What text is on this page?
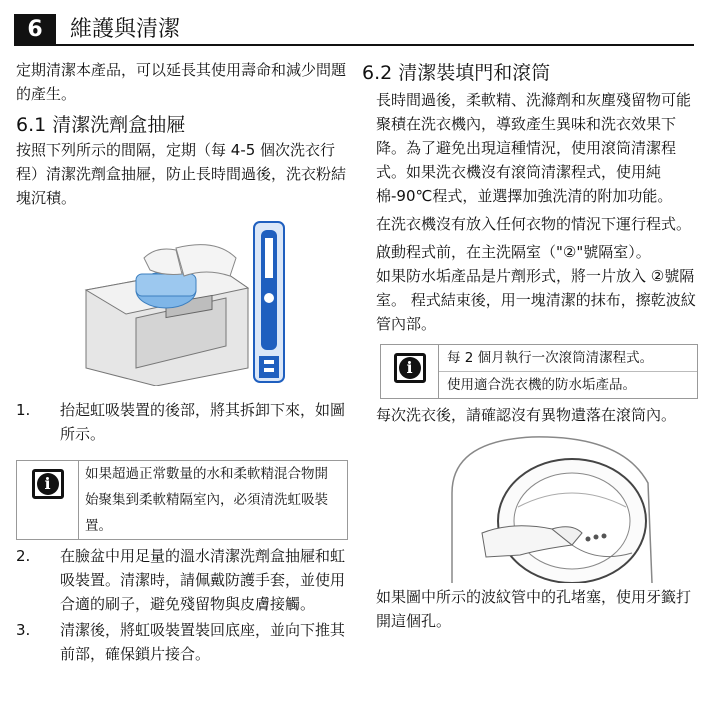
6	維護與清潔
定期清潔本產品，可以延長其使用壽命和減少問題的產生。
6.1 清潔洗劑盒抽屜
按照下列所示的間隔，定期（每 4-5 個次洗衣行程）清潔洗劑盒抽屜，防止長時間過後，洗衣粉結塊沉積。
1. 抬起虹吸裝置的後部，將其拆卸下來，如圖所示。
i	如果超過正常數量的水和柔軟精混合物開始聚集到柔軟精隔室內，必須清洗虹吸裝置。
2. 在臉盆中用足量的溫水清潔洗劑盒抽屜和虹吸裝置。清潔時，請佩戴防護手套，並使用合適的刷子，避免殘留物與皮膚接觸。
3. 清潔後，將虹吸裝置裝回底座，並向下推其前部，確保鎖片接合。
6.2 清潔裝填門和滾筒
長時間過後，柔軟精、洗滌劑和灰塵殘留物可能聚積在洗衣機內，導致產生異味和洗衣效果下降。為了避免出現這種情況，使用滾筒清潔程式。如果洗衣機沒有滾筒清潔程式，使用純棉-90℃程式，並選擇加強洗清的附加功能。
在洗衣機沒有放入任何衣物的情況下運行程式。
啟動程式前，在主洗隔室（"②"號隔室）。
如果防水垢產品是片劑形式，將一片放入 ②號隔室。 程式結束後，用一塊清潔的抹布，擦乾波紋管內部。
i	每 2 個月執行一次滾筒清潔程式。
使用適合洗衣機的防水垢產品。
每次洗衣後，請確認沒有異物遺落在滾筒內。
如果圖中所示的波紋管中的孔堵塞，使用牙籤打開這個孔。
